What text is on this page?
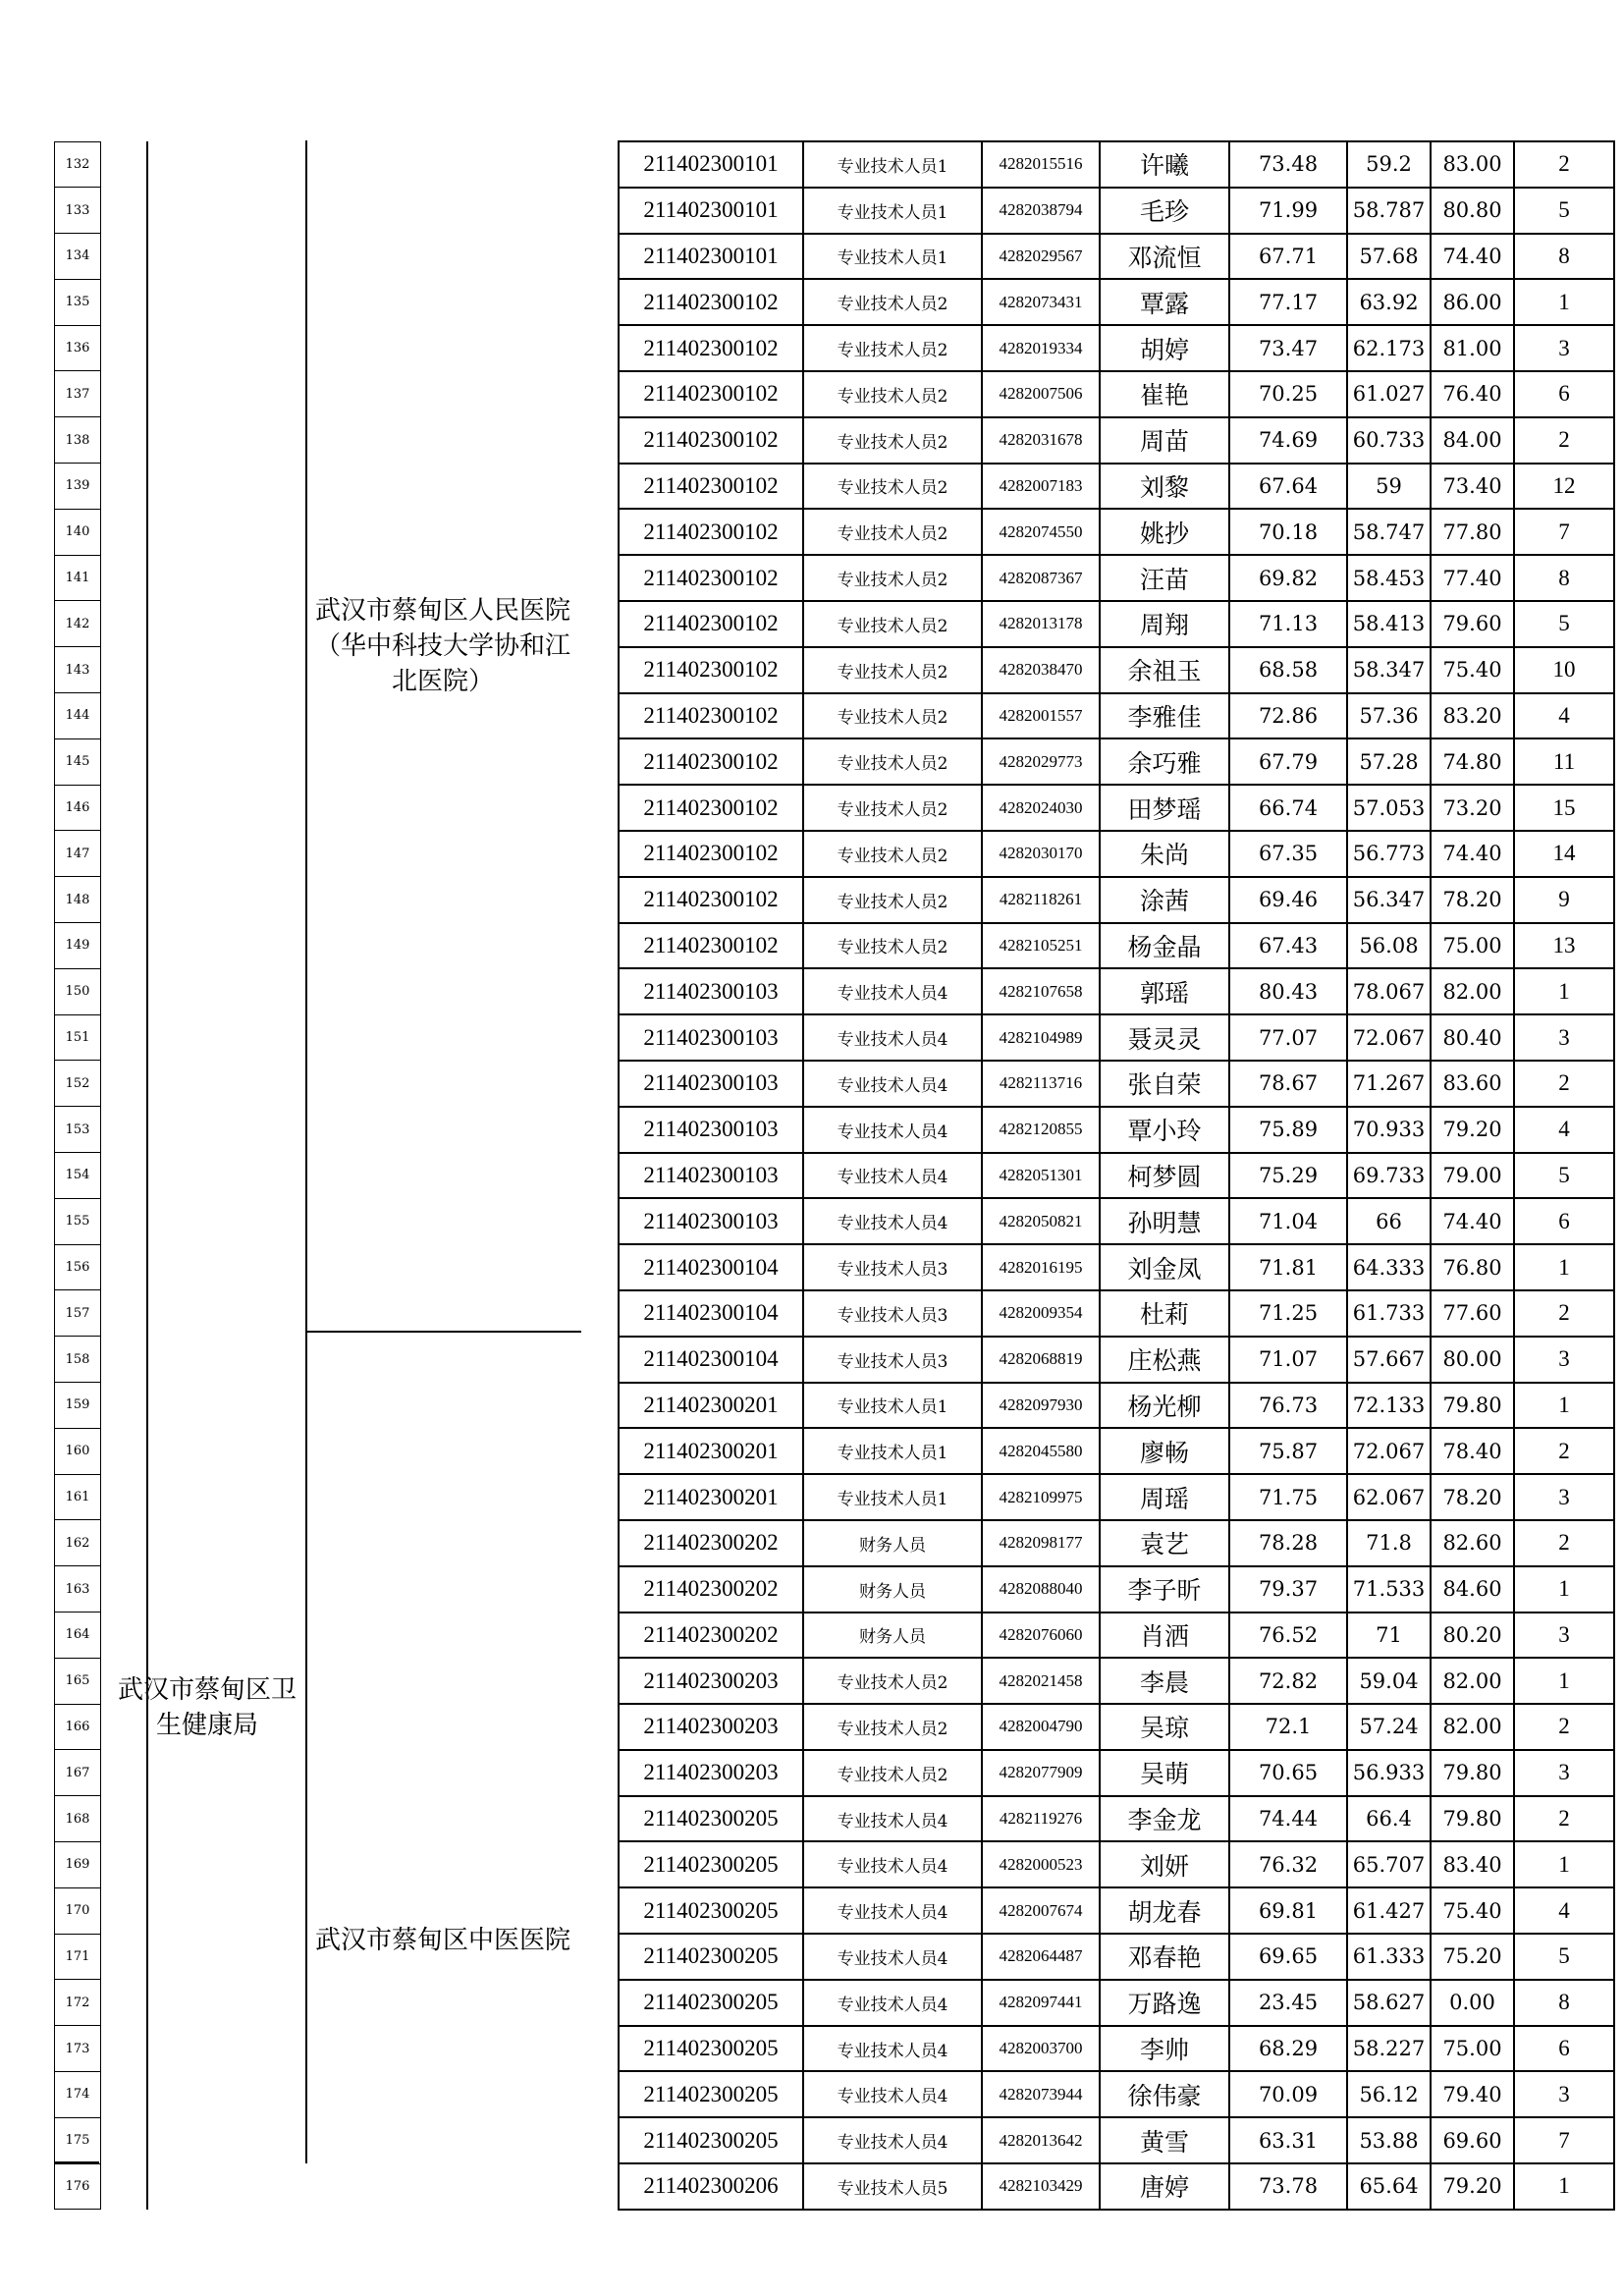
132				211402300101	专业技术人员1	4282015516	许曦	73.48	59.2	83.00	2
133				211402300101	专业技术人员1	4282038794	毛珍	71.99	58.787	80.80	5
134				211402300101	专业技术人员1	4282029567	邓流恒	67.71	57.68	74.40	8
135				211402300102	专业技术人员2	4282073431	覃露	77.17	63.92	86.00	1
136				211402300102	专业技术人员2	4282019334	胡婷	73.47	62.173	81.00	3
137				211402300102	专业技术人员2	4282007506	崔艳	70.25	61.027	76.40	6
138				211402300102	专业技术人员2	4282031678	周苗	74.69	60.733	84.00	2
139				211402300102	专业技术人员2	4282007183	刘黎	67.64	59	73.40	12
140				211402300102	专业技术人员2	4282074550	姚抄	70.18	58.747	77.80	7
141				211402300102	专业技术人员2	4282087367	汪苗	69.82	58.453	77.40	8
142				211402300102	专业技术人员2	4282013178	周翔	71.13	58.413	79.60	5
143				211402300102	专业技术人员2	4282038470	余祖玉	68.58	58.347	75.40	10
144				211402300102	专业技术人员2	4282001557	李雅佳	72.86	57.36	83.20	4
145				211402300102	专业技术人员2	4282029773	余巧雅	67.79	57.28	74.80	11
146				211402300102	专业技术人员2	4282024030	田梦瑶	66.74	57.053	73.20	15
147				211402300102	专业技术人员2	4282030170	朱尚	67.35	56.773	74.40	14
148				211402300102	专业技术人员2	4282118261	涂茜	69.46	56.347	78.20	9
149				211402300102	专业技术人员2	4282105251	杨金晶	67.43	56.08	75.00	13
150				211402300103	专业技术人员4	4282107658	郭瑶	80.43	78.067	82.00	1
151				211402300103	专业技术人员4	4282104989	聂灵灵	77.07	72.067	80.40	3
152				211402300103	专业技术人员4	4282113716	张自荣	78.67	71.267	83.60	2
153				211402300103	专业技术人员4	4282120855	覃小玲	75.89	70.933	79.20	4
154				211402300103	专业技术人员4	4282051301	柯梦圆	75.29	69.733	79.00	5
155				211402300103	专业技术人员4	4282050821	孙明慧	71.04	66	74.40	6
156				211402300104	专业技术人员3	4282016195	刘金凤	71.81	64.333	76.80	1
157				211402300104	专业技术人员3	4282009354	杜莉	71.25	61.733	77.60	2
158				211402300104	专业技术人员3	4282068819	庄松燕	71.07	57.667	80.00	3
159				211402300201	专业技术人员1	4282097930	杨光柳	76.73	72.133	79.80	1
160				211402300201	专业技术人员1	4282045580	廖畅	75.87	72.067	78.40	2
161				211402300201	专业技术人员1	4282109975	周瑶	71.75	62.067	78.20	3
162				211402300202	财务人员	4282098177	袁艺	78.28	71.8	82.60	2
163				211402300202	财务人员	4282088040	李子昕	79.37	71.533	84.60	1
164				211402300202	财务人员	4282076060	肖洒	76.52	71	80.20	3
165				211402300203	专业技术人员2	4282021458	李晨	72.82	59.04	82.00	1
166				211402300203	专业技术人员2	4282004790	吴琼	72.1	57.24	82.00	2
167				211402300203	专业技术人员2	4282077909	吴萌	70.65	56.933	79.80	3
168				211402300205	专业技术人员4	4282119276	李金龙	74.44	66.4	79.80	2
169				211402300205	专业技术人员4	4282000523	刘妍	76.32	65.707	83.40	1
170				211402300205	专业技术人员4	4282007674	胡龙春	69.81	61.427	75.40	4
171				211402300205	专业技术人员4	4282064487	邓春艳	69.65	61.333	75.20	5
172				211402300205	专业技术人员4	4282097441	万路逸	23.45	58.627	0.00	8
173				211402300205	专业技术人员4	4282003700	李帅	68.29	58.227	75.00	6
174				211402300205	专业技术人员4	4282073944	徐伟豪	70.09	56.12	79.40	3
175				211402300205	专业技术人员4	4282013642	黄雪	63.31	53.88	69.60	7
176				211402300206	专业技术人员5	4282103429	唐婷	73.78	65.64	79.20	1
武汉市蔡甸区卫生健康局
武汉市蔡甸区人民医院（华中科技大学协和江北医院）
武汉市蔡甸区中医医院
